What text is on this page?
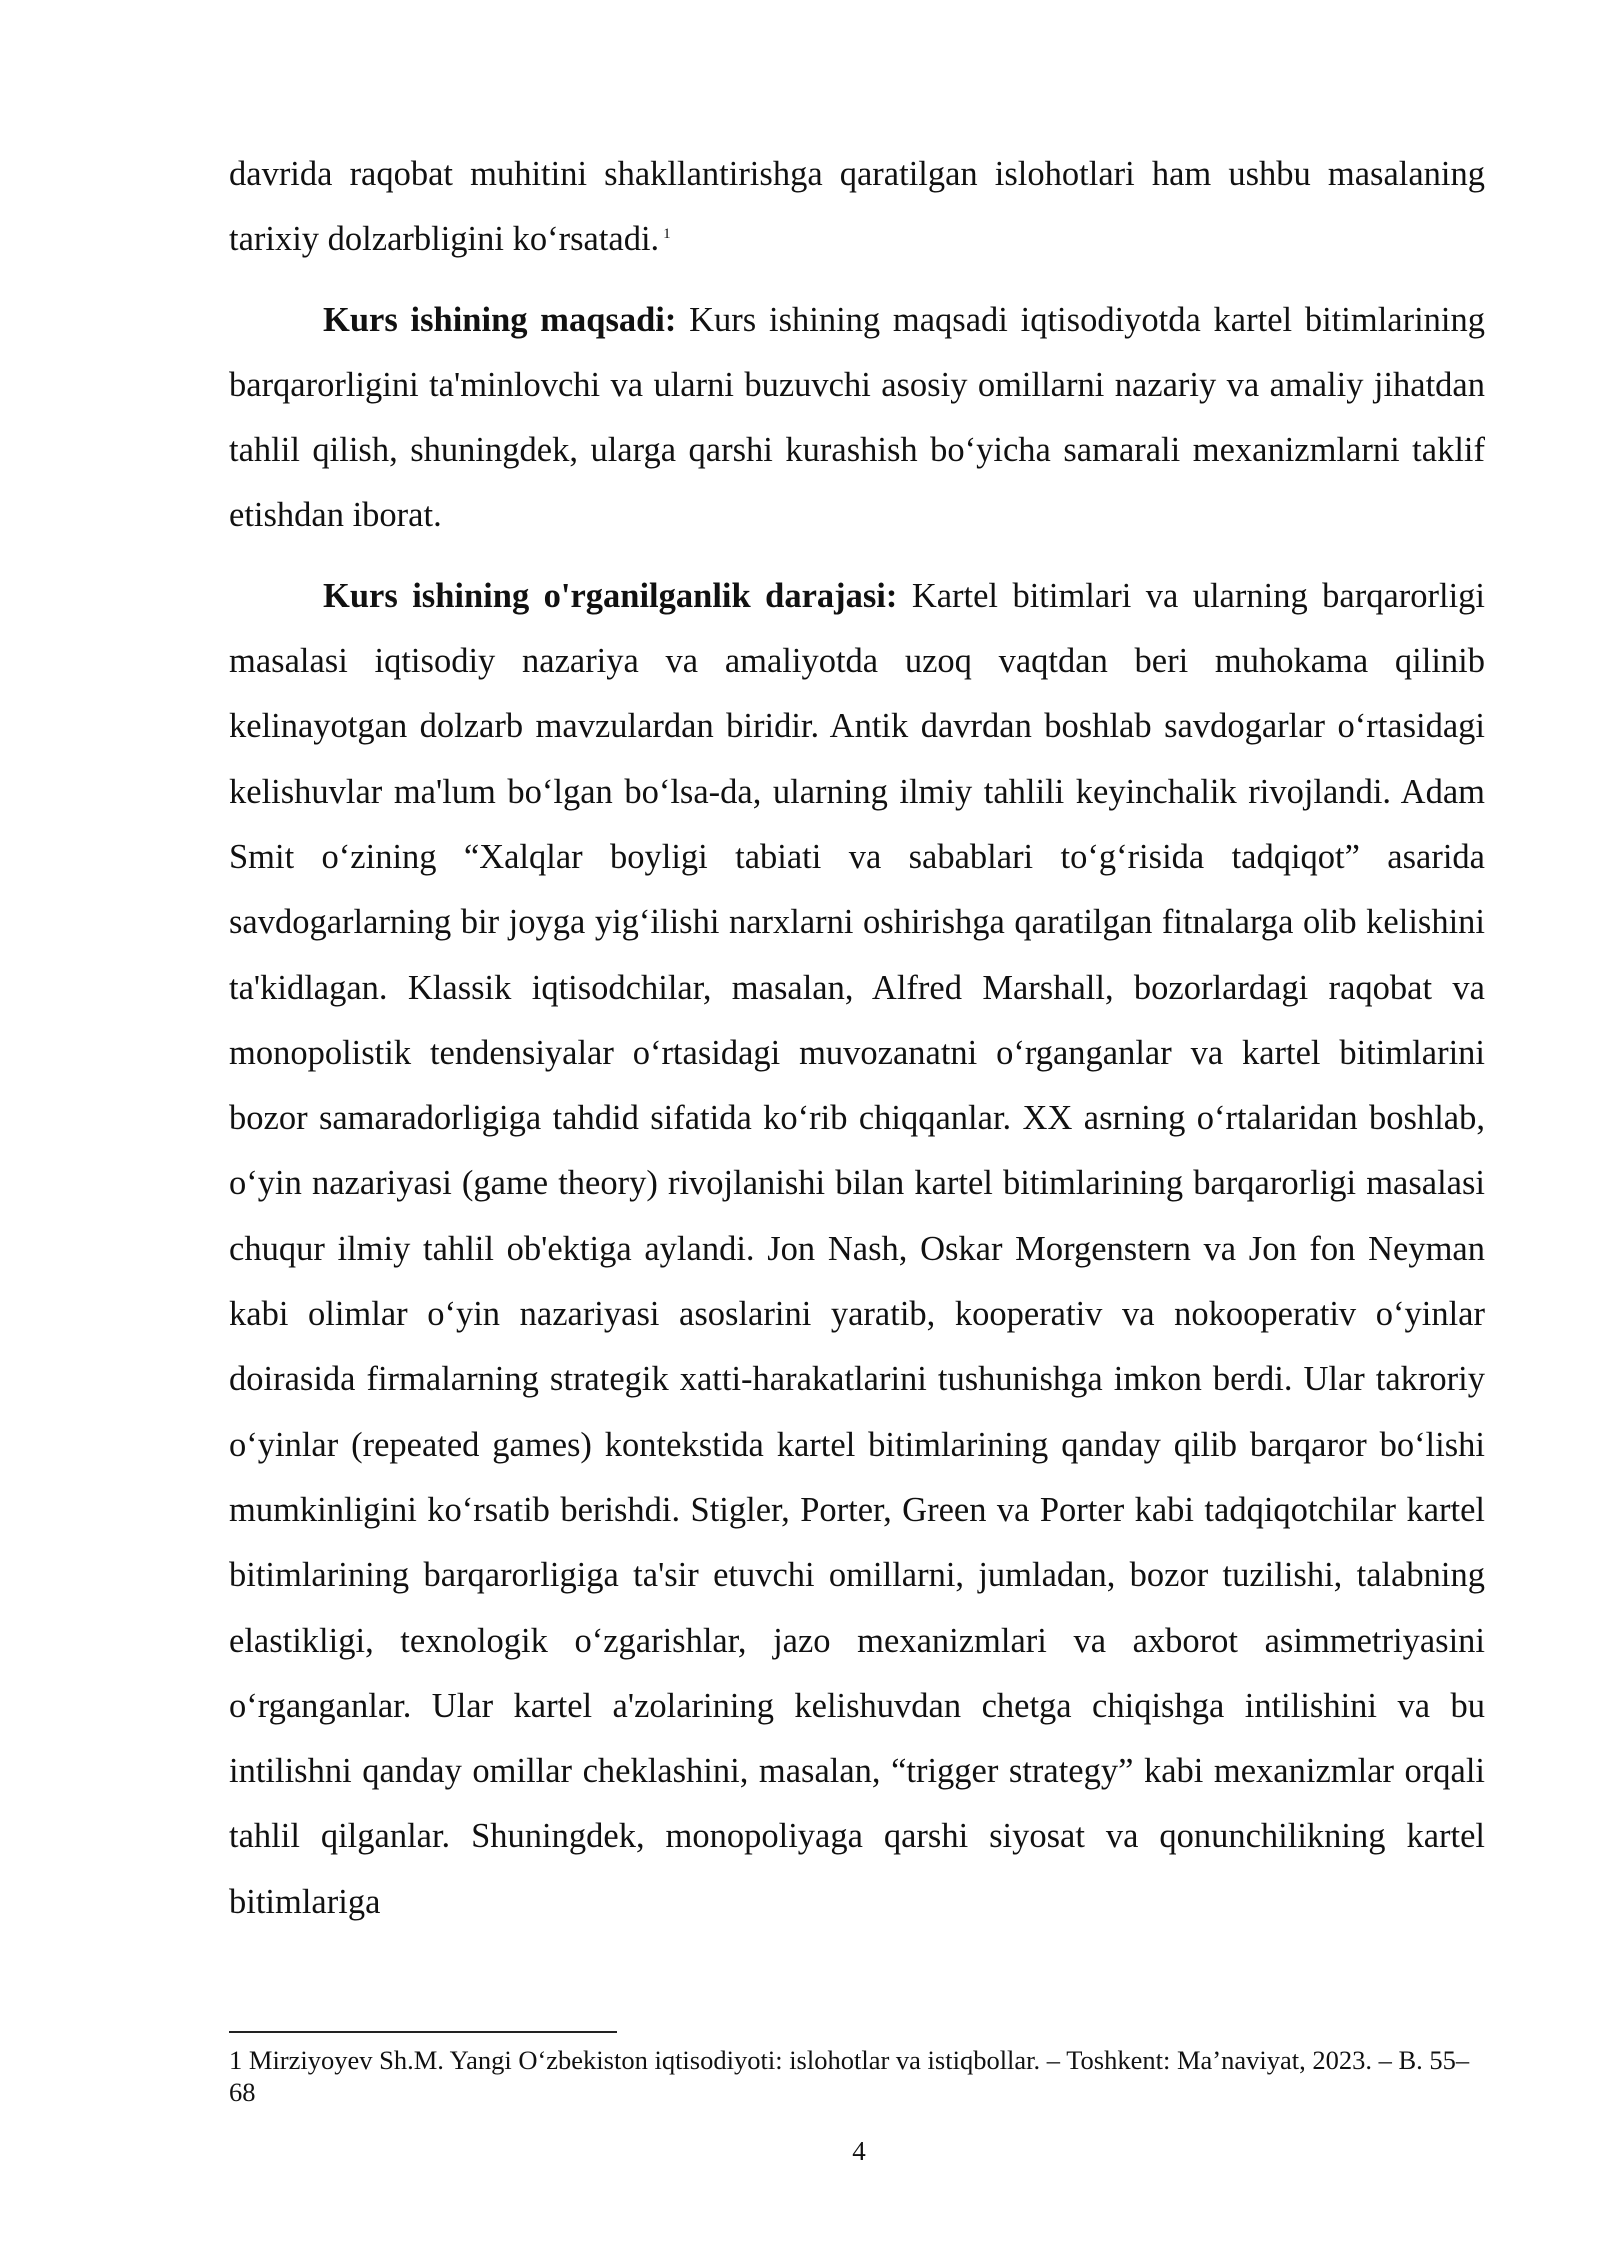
davrida raqobat muhitini shakllantirishga qaratilgan islohotlari ham ushbu masalaning tarixiy dolzarbligini ko‘rsatadi. $^1$

Kurs ishining maqsadi: Kurs ishining maqsadi iqtisodiyotda kartel bitimlarining barqarorligini ta'minlovchi va ularni buzuvchi asosiy omillarni nazariy va amaliy jihatdan tahlil qilish, shuningdek, ularga qarshi kurashish bo‘yicha samarali mexanizmlarni taklif etishdan iborat.

Kurs ishining o'rganilganlik darajasi: Kartel bitimlari va ularning barqarorligi masalasi iqtisodiy nazariya va amaliyotda uzoq vaqtdan beri muhokama qilinib kelinayotgan dolzarb mavzulardan biridir. Antik davrdan boshlab savdogarlar o‘rtasidagi kelishuvlar ma'lum bo‘lgan bo‘lsa-da, ularning ilmiy tahlili keyinchalik rivojlandi. Adam Smit o‘zining “Xalqlar boyligi tabiati va sabablari to‘g‘risida tadqiqot” asarida savdogarlarning bir joyga yig‘ilishi narxlarni oshirishga qaratilgan fitnalarga olib kelishini ta'kidlagan. Klassik iqtisodchilar, masalan, Alfred Marshall, bozorlardagi raqobat va monopolistik tendensiyalar o‘rtasidagi muvozanatni o‘rganganlar va kartel bitimlarini bozor samaradorligiga tahdid sifatida ko‘rib chiqqanlar. XX asrning o‘rtalaridan boshlab, o‘yin nazariyasi (game theory) rivojlanishi bilan kartel bitimlarining barqarorligi masalasi chuqur ilmiy tahlil ob'ektiga aylandi. Jon Nash, Oskar Morgenstern va Jon fon Neyman kabi olimlar o‘yin nazariyasi asoslarini yaratib, kooperativ va nokooperativ o‘yinlar doirasida firmalarning strategik xatti-harakatlarini tushunishga imkon berdi. Ular takroriy o‘yinlar (repeated games) kontekstida kartel bitimlarining qanday qilib barqaror bo‘lishi mumkinligini ko‘rsatib berishdi. Stigler, Porter, Green va Porter kabi tadqiqotchilar kartel bitimlarining barqarorligiga ta'sir etuvchi omillarni, jumladan, bozor tuzilishi, talabning elastikligi, texnologik o‘zgarishlar, jazo mexanizmlari va axborot asimmetriyasini o‘rganganlar. Ular kartel a'zolarining kelishuvdan chetga chiqishga intilishini va bu intilishni qanday omillar cheklashini, masalan, “trigger strategy” kabi mexanizmlar orqali tahlil qilganlar. Shuningdek, monopoliyaga qarshi siyosat va qonunchilikning kartel bitimlariga

1 Mirziyoyev Sh.M. Yangi O‘zbekiston iqtisodiyoti: islohotlar va istiqbollar. – Toshkent: Ma’naviyat, 2023. – B. 55–68

4
